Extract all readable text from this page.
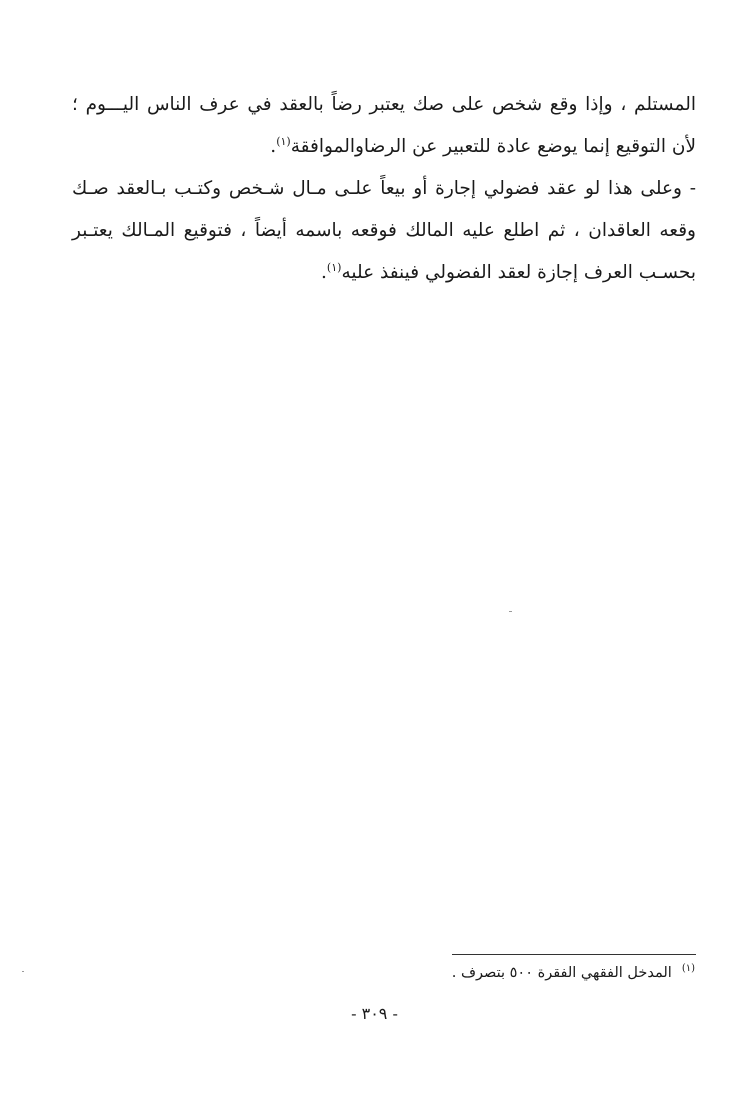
المستلم ، وإذا وقع شخص على صك يعتبر رضاً بالعقد في عرف الناس اليـــوم ؛ لأن التوقيع إنما يوضع عادة للتعبير عن الرضاوالموافقة$^{(١)}$.

- وعلى هذا لو عقد فضولي إجارة أو بيعاً علـى مـال شـخص وكتـب بـالعقد صـك وقعه العاقدان ، ثم اطلع عليه المالك فوقعه باسمه أيضاً ، فتوقيع المـالك يعتـبر بحسـب العرف إجازة لعقد الفضولي فينفذ عليه$^{(١)}$.

$^{(١)}$المدخل الفقهي الفقرة ٥٠٠ بتصرف .
- ٣٠٩ -
